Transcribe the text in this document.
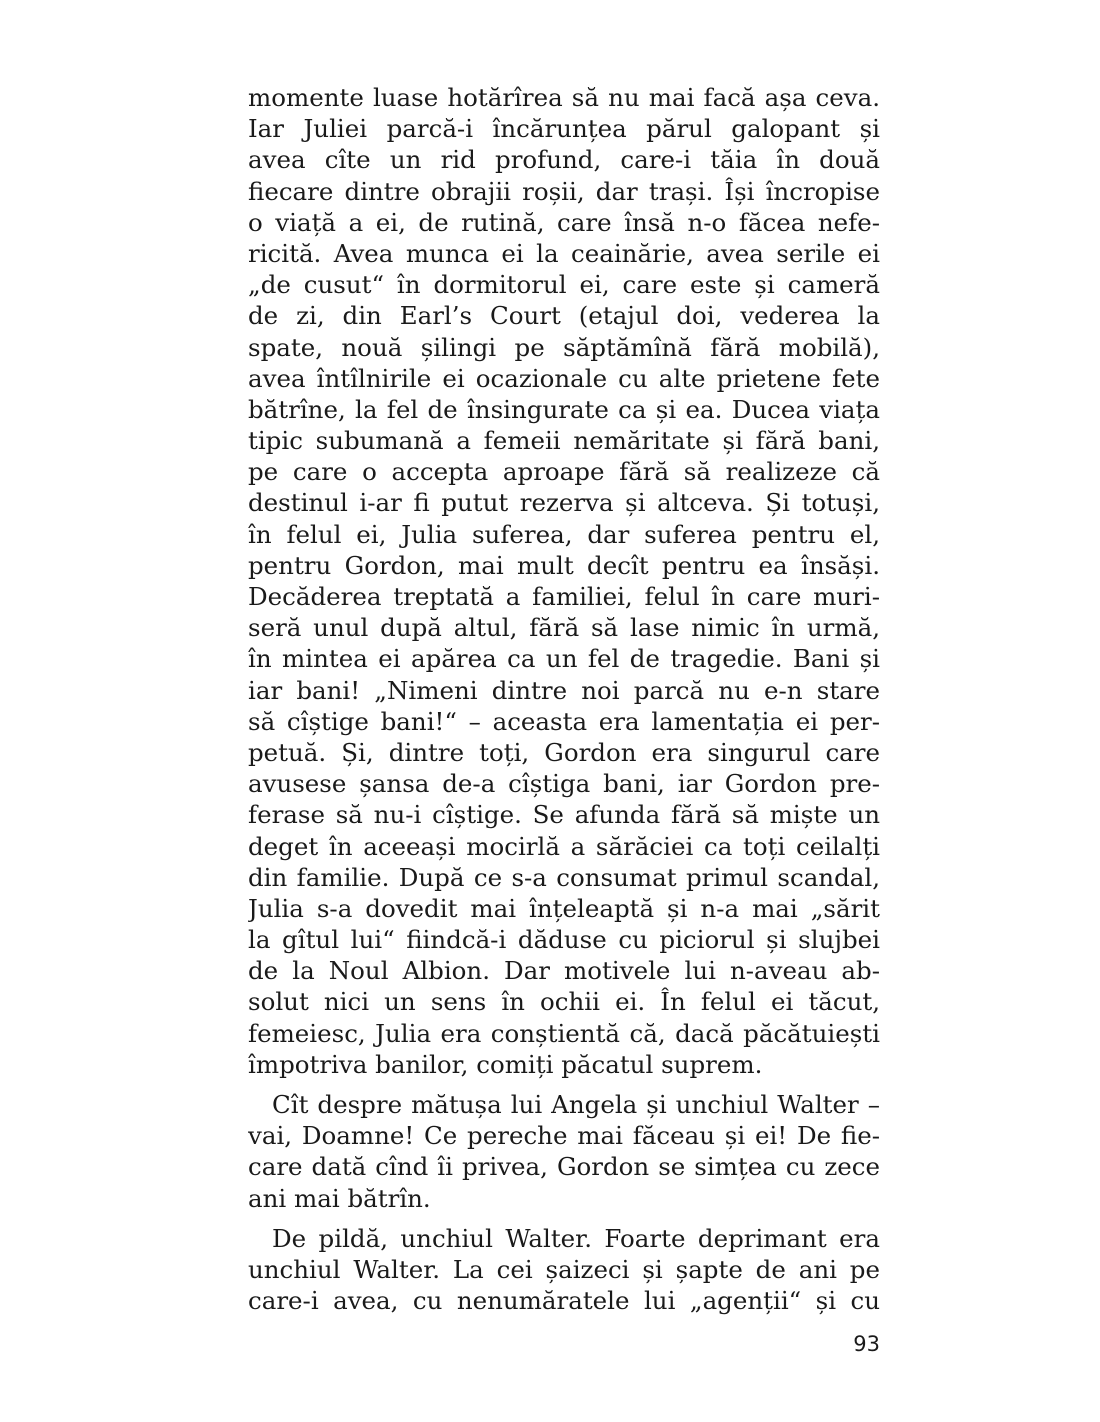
momente luase hotărîrea să nu mai facă așa ceva.
Iar Juliei parcă-i încărunțea părul galopant și
avea cîte un rid profund, care-i tăia în două
fiecare dintre obrajii roșii, dar trași. Își încropise
o viață a ei, de rutină, care însă n-o făcea nefe-
ricită. Avea munca ei la ceainărie, avea serile ei
„de cusut“ în dormitorul ei, care este și cameră
de zi, din Earl’s Court (etajul doi, vederea la
spate, nouă șilingi pe săptămînă fără mobilă),
avea întîlnirile ei ocazionale cu alte prietene fete
bătrîne, la fel de însingurate ca și ea. Ducea viața
tipic subumană a femeii nemăritate și fără bani,
pe care o accepta aproape fără să realizeze că
destinul i-ar fi putut rezerva și altceva. Și totuși,
în felul ei, Julia suferea, dar suferea pentru el,
pentru Gordon, mai mult decît pentru ea însăși.
Decăderea treptată a familiei, felul în care muri-
seră unul după altul, fără să lase nimic în urmă,
în mintea ei apărea ca un fel de tragedie. Bani și
iar bani! „Nimeni dintre noi parcă nu e-n stare
să cîștige bani!“ – aceasta era lamentația ei per-
petuă. Și, dintre toți, Gordon era singurul care
avusese șansa de-a cîștiga bani, iar Gordon pre-
ferase să nu-i cîștige. Se afunda fără să miște un
deget în aceeași mocirlă a sărăciei ca toți ceilalți
din familie. După ce s-a consumat primul scandal,
Julia s-a dovedit mai înțeleaptă și n-a mai „sărit
la gîtul lui“ fiindcă-i dăduse cu piciorul și slujbei
de la Noul Albion. Dar motivele lui n-aveau ab-
solut nici un sens în ochii ei. În felul ei tăcut,
femeiesc, Julia era conștientă că, dacă păcătuiești
împotriva banilor, comiți păcatul suprem.
Cît despre mătușa lui Angela și unchiul Walter –
vai, Doamne! Ce pereche mai făceau și ei! De fie-
care dată cînd îi privea, Gordon se simțea cu zece
ani mai bătrîn.
De pildă, unchiul Walter. Foarte deprimant era
unchiul Walter. La cei șaizeci și șapte de ani pe
care-i avea, cu nenumăratele lui „agenții“ și cu
93
